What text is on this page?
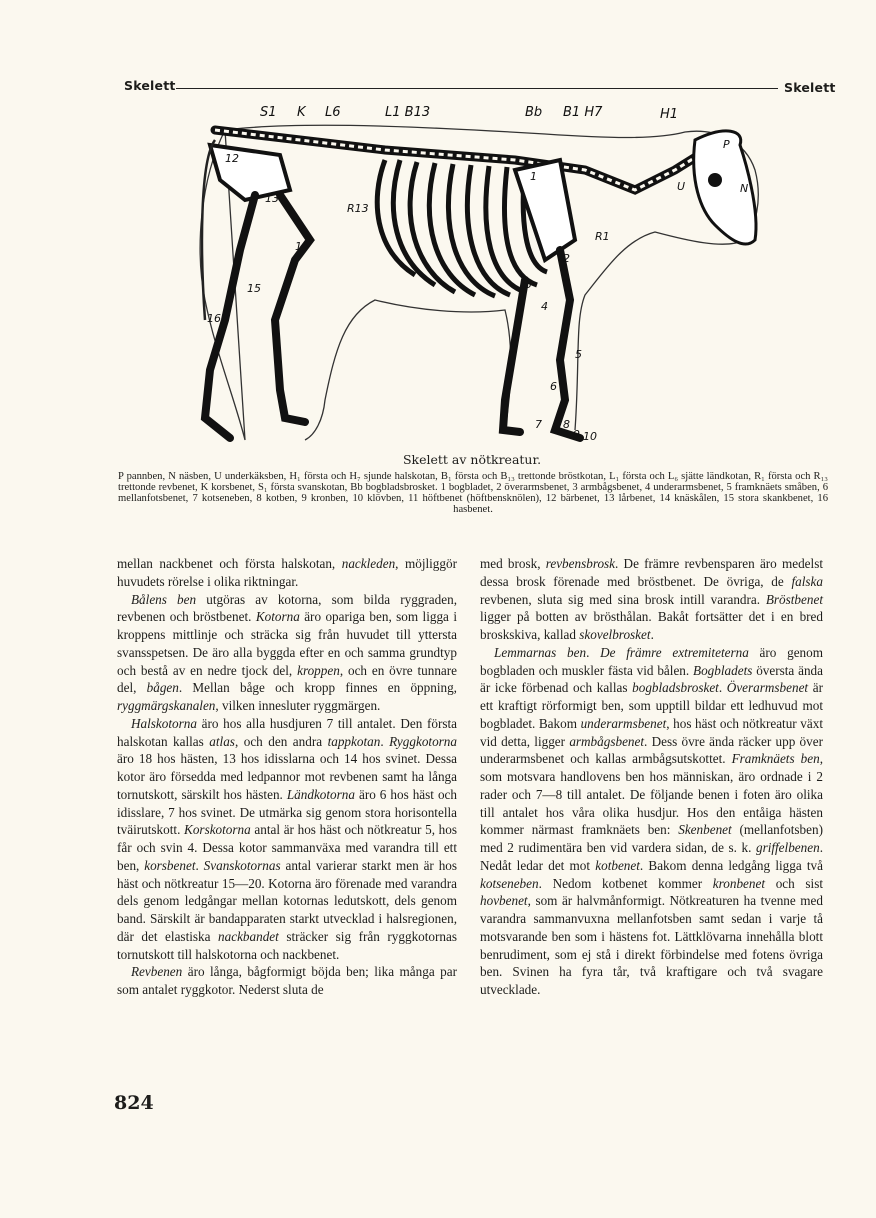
Skelett	Skelett
S1 K L6	L1 B13	Bb B1 H7	H1
P
N
U
R13
R1
1
2
3
4
5
6
7 8
9 10
12
13
14
15
16
Skelett av nötkreatur.
P pannben, N näsben, U underkäksben, H₁ första och H₇ sjunde halskotan, B₁ första och B₁₃ trettonde bröstkotan, L₁ första och L₆ sjätte ländkotan, R₁ första och R₁₃ trettonde revbenet, K korsbenet, S₁ första svanskotan, Bb bogbladsbrosket. 1 bogbladet, 2 överarmsbenet, 3 armbågsbenet, 4 underarmsbenet, 5 framknäets småben, 6 mellanfotsbenet, 7 kotseneben, 8 kotben, 9 kronben, 10 klövben, 11 höftbenet (höftbensknölen), 12 bärbenet, 13 lårbenet, 14 knäskålen, 15 stora skankbenet, 16 hasbenet.

mellan nackbenet och första halskotan, nackleden, möjliggör huvudets rörelse i olika riktningar.

Bålens ben utgöras av kotorna, som bilda ryggraden, revbenen och bröstbenet. Kotorna äro oparigа ben, som ligga i kroppens mittlinje och sträcka sig från huvudet till yttersta svansspetsen. De äro alla byggda efter en och samma grundtyp och bestå av en nedre tjock del, kroppen, och en övre tunnare del, bågen. Mellan båge och kropp finnes en öppning, ryggmärgskanalen, vilken innesluter ryggmärgen.

Halskotorna äro hos alla husdjuren 7 till antalet. Den första halskotan kallas atlas, och den andra tappkotan. Ryggkotorna äro 18 hos hästen, 13 hos idisslarna och 14 hos svinet. Dessa kotor äro försedda med ledpannor mot revbenen samt ha långa tornutskott, särskilt hos hästen. Ländkotorna äro 6 hos häst och idisslare, 7 hos svinet. De utmärka sig genom stora horisontella tväirutskott. Korskotorna antal är hos häst och nötkreatur 5, hos får och svin 4. Dessa kotor sammanväxa med varandra till ett ben, korsbenet. Svanskotornas antal varierar starkt men är hos häst och nötkreatur 15—20. Kotorna äro förenade med varandra dels genom ledgångar mellan kotornas ledutskott, dels genom band. Särskilt är bandapparaten starkt utvecklad i halsregionen, där det elastiska nackbandet sträcker sig från ryggkotornas tornutskott till halskotorna och nackbenet.

Revbenen äro långa, bågformigt böjda ben; lika många par som antalet ryggkotor. Nederst sluta de

med brosk, revbensbrosk. De främre revbensparen äro medelst dessa brosk förenade med bröstbenet. De övriga, de falska revbenen, sluta sig med sina brosk intill varandra. Bröstbenet ligger på botten av brösthålan. Bakåt fortsätter det i en bred broskskiva, kallad skovelbrosket.

Lemmarnas ben. De främre extremiteterna äro genom bogbladen och muskler fästa vid bålen. Bogbladets översta ända är icke förbenad och kallas bogbladsbrosket. Överarmsbenet är ett kraftigt rörformigt ben, som upptill bildar ett ledhuvud mot bogbladet. Bakom underarmsbenet, hos häst och nötkreatur växt vid detta, ligger armbågsbenet. Dess övre ända räcker upp över underarmsbenet och kallas armbågsutskottet. Framknäets ben, som motsvara handlovens ben hos människan, äro ordnade i 2 rader och 7—8 till antalet. De följande benen i foten äro olika till antalet hos våra olika husdjur. Hos den entåiga hästen kommer närmast framknäets ben: Skenbenet (mellanfotsben) med 2 rudimentära ben vid vardera sidan, de s. k. griffelbenen. Nedåt ledar det mot kotbenet. Bakom denna ledgång ligga två kotseneben. Nedom kotbenet kommer kronbenet och sist hovbenet, som är halvmånformigt. Nötkreaturen ha tvenne med varandra sammanvuxna mellanfotsben samt sedan i varje tå motsvarande ben som i hästens fot. Lättklövarna innehålla blott benrudiment, som ej stå i direkt förbindelse med fotens övriga ben. Svinen ha fyra tår, två kraftigare och två svagare utvecklade.

824
